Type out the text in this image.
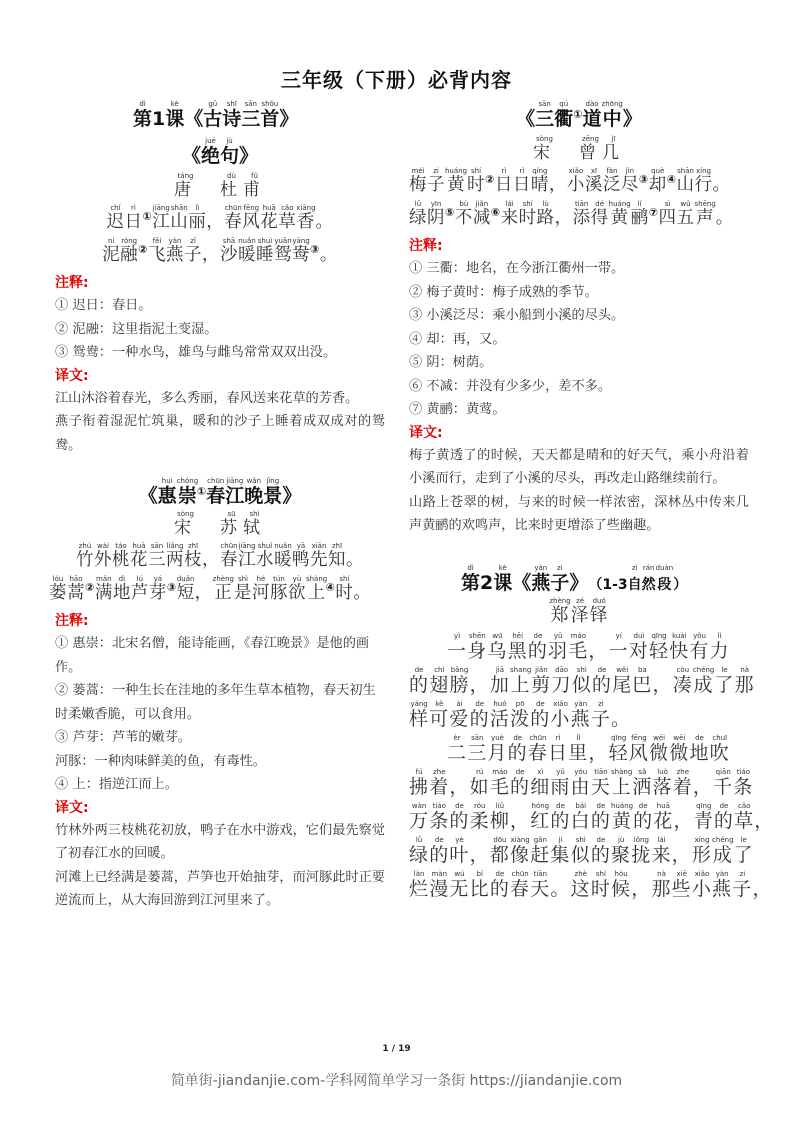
三年级（下册）必背内容
第dì1 课kè《 古gǔ诗shī三sān首shǒu》
《 绝jué句jù》
唐táng　 杜dù甫fǔ
迟chí日rì①江jiāng山shān丽lì， 春chūn风fēng花huā草cǎo香xiāng。
泥ní融róng②飞fēi燕yàn子zǐ， 沙shā暖nuǎn睡shuì鸳yuān鸯yāng③。
注释:
① 迟日：春日。
② 泥融：这里指泥土变湿。
③ 鸳鸯：一种水鸟，雄鸟与雌鸟常常双双出没。
译文:
江山沐浴着春光，多么秀丽，春风送来花草的芳香。
燕子衔着湿泥忙筑巢，暖和的沙子上睡着成双成对的鸳鸯。
《 惠huì崇chóng①春chūn江jiāng晚wǎn景jǐng》
宋sòng　 苏sū轼shì
竹zhú外wài桃táo花huā三sān两liǎng枝zhī， 春chūn江jiāng水shuǐ暖nuǎn鸭yā先xiān知zhī。
蒌lóu蒿hāo②满mǎn地dì芦lú芽yá③短duǎn， 正zhèng是shì河hé豚tún欲yù上shàng④时shí。
注释:
① 惠崇：北宋名僧，能诗能画，《春江晚景》是他的画作。
② 蒌蒿：一种生长在洼地的多年生草本植物，春天初生时柔嫩香脆，可以食用。
③ 芦芽：芦苇的嫩芽。
河豚：一种肉味鲜美的鱼，有毒性。
④ 上：指逆江而上。
译文:
竹林外两三枝桃花初放，鸭子在水中游戏，它们最先察觉了初春江水的回暖。
河滩上已经满是蒌蒿，芦笋也开始抽芽，而河豚此时正要逆流而上，从大海回游到江河里来了。
《 三sān衢qú①道dào中zhōng》
宋sòng　 曾zēng几jī
梅méi子zi黄huáng时shí②日rì日rì晴qíng， 小xiǎo溪xī泛fàn尽jìn③却què④山shān行xíng。
绿lǜ阴yīn⑤不bù减jiǎn⑥来lái时shí路lù， 添tiān得dé黄huáng鹂lí⑦四sì五wǔ声shēng。
注释:
① 三衢：地名，在今浙江衢州一带。
② 梅子黄时：梅子成熟的季节。
③ 小溪泛尽：乘小船到小溪的尽头。
④ 却：再，又。
⑤ 阴：树荫。
⑥ 不减：并没有少多少，差不多。
⑦ 黄鹂：黄莺。
译文:
梅子黄透了的时候，天天都是晴和的好天气，乘小舟沿着小溪而行，走到了小溪的尽头，再改走山路继续前行。
山路上苍翠的树，与来的时候一样浓密，深林丛中传来几声黄鹂的欢鸣声，比来时更增添了些幽趣。
第dì2 课kè《 燕yàn子zi》 （1-3 自zì然rán段duàn）
郑zhèng泽zé铎duó
一yì身shēn乌wū黑hēi的de羽yǔ毛máo， 一yí对duì轻qīng快kuài有yǒu力lì
的de翅chì膀bǎng， 加jiā上shang剪jiǎn刀dāo似shì的de尾wěi巴ba， 凑còu成chéng了le那nà
样yàng可kě爱ài的de活huó泼pō的de小xiǎo燕yàn子zi。
二èr三sān月yuè的de春chūn日rì里lǐ， 轻qīng风fēng微wēi微wēi地de吹chuī
拂fú着zhe， 如rú毛máo的de细xì雨yǔ由yóu天tiān上shàng洒sǎ落luò着zhe， 千qiān条tiáo
万wàn条tiáo的de柔róu柳liǔ， 红hóng的de白bái的de黄huáng的de花huā， 青qīng的de草cǎo，
绿lǜ的de叶yè， 都dōu像xiàng赶gǎn集jí似shì的de聚jù拢lǒng来lái， 形xíng成chéng了le
烂làn漫màn无wú比bǐ的de春chūn天tiān。 这zhè时shí候hòu， 那nà些xiē小xiǎo燕yàn子zi，
1 / 19
简单街-jiandanjie.com-学科网简单学习一条街 https://jiandanjie.com
